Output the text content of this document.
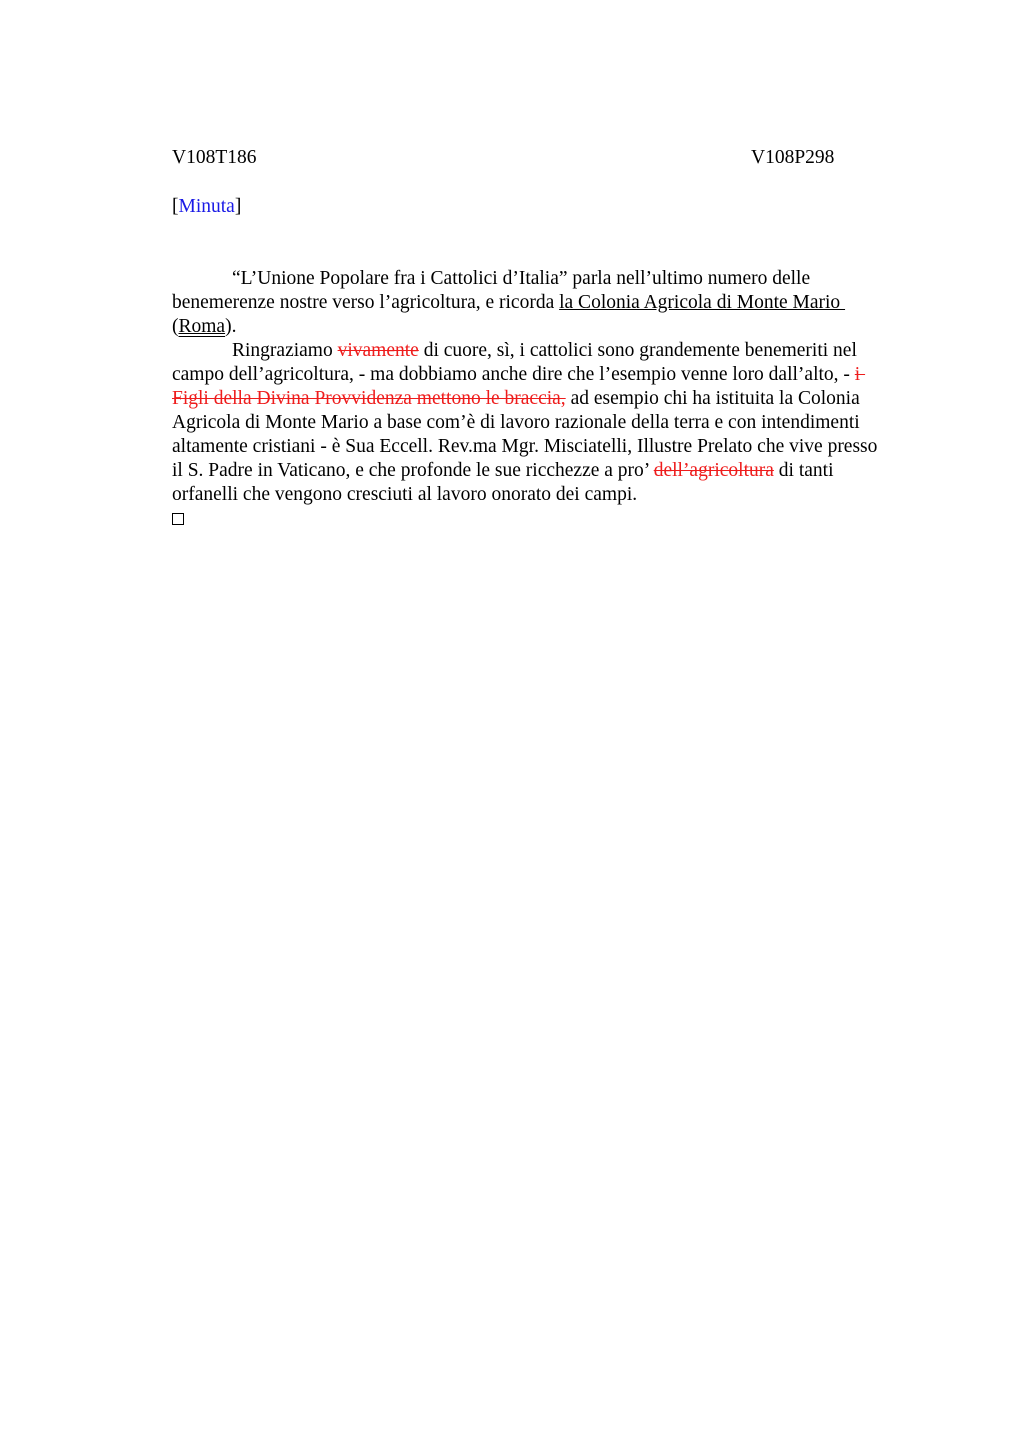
V108T186	V108P298
[Minuta]
“L’Unione Popolare fra i Cattolici d’Italia” parla nell’ultimo numero delle
benemerenze nostre verso l’agricoltura, e ricorda la Colonia Agricola di Monte Mario
(Roma).
Ringraziamo vivamente di cuore, sì, i cattolici sono grandemente benemeriti nel
campo dell’agricoltura, - ma dobbiamo anche dire che l’esempio venne loro dall’alto, - i
Figli della Divina Provvidenza mettono le braccia, ad esempio chi ha istituita la Colonia
Agricola di Monte Mario a base com’è di lavoro razionale della terra e con intendimenti
altamente cristiani - è Sua Eccell. Rev.ma Mgr. Misciatelli, Illustre Prelato che vive presso
il S. Padre in Vaticano, e che profonde le sue ricchezze a pro’ dell’agricoltura di tanti
orfanelli che vengono cresciuti al lavoro onorato dei campi.
